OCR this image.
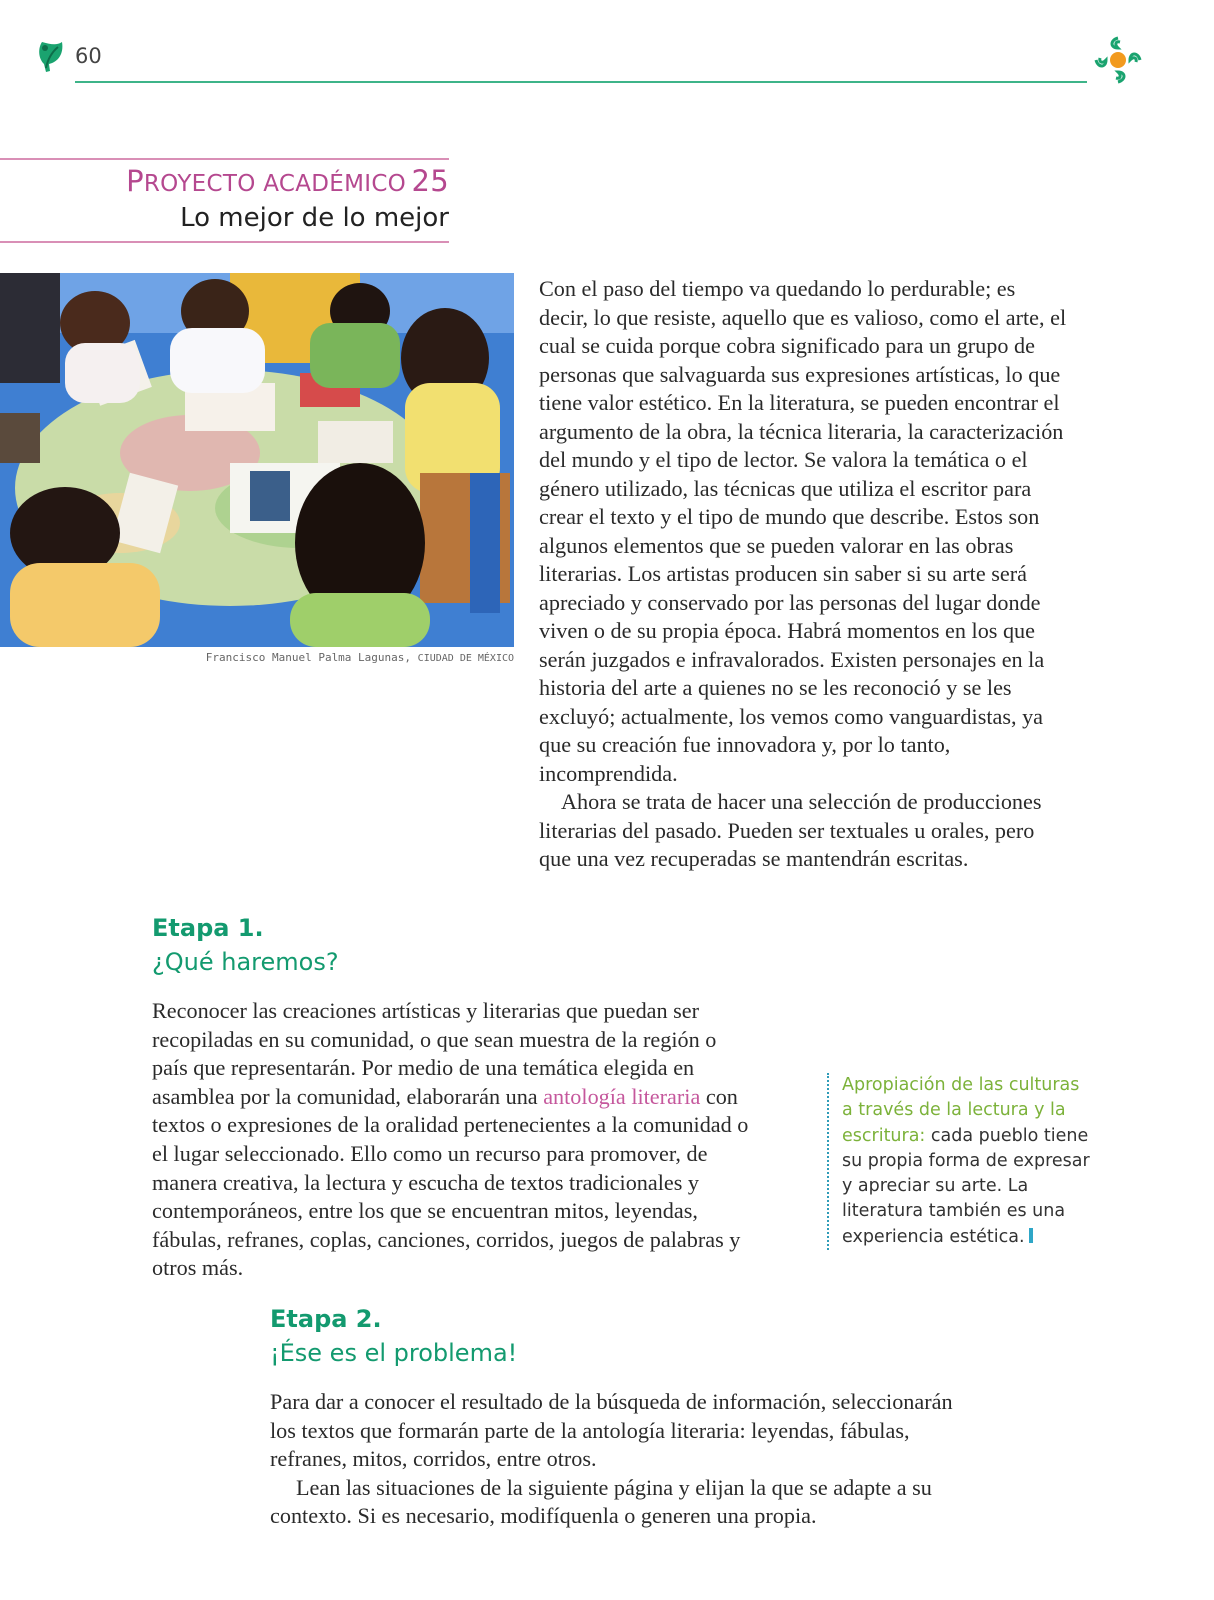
60
PROYECTO ACADÉMICO 25
Lo mejor de lo mejor
Francisco Manuel Palma Lagunas, CIUDAD DE MÉXICO

Con el paso del tiempo va quedando lo perdurable; es decir, lo que resiste, aquello que es valioso, como el arte, el cual se cuida porque cobra significado para un grupo de personas que salvaguarda sus expresiones artísticas, lo que tiene valor estético. En la literatura, se pueden encontrar el argumento de la obra, la técnica literaria, la caracterización del mundo y el tipo de lector. Se valora la temática o el género utilizado, las técnicas que utiliza el escritor para crear el texto y el tipo de mundo que describe. Estos son algunos elementos que se pueden valorar en las obras literarias. Los artistas producen sin saber si su arte será apreciado y conservado por las personas del lugar donde viven o de su propia época. Habrá momentos en los que serán juzgados e infravalorados. Existen personajes en la historia del arte a quienes no se les reconoció y se les excluyó; actualmente, los vemos como vanguardistas, ya que su creación fue innovadora y, por lo tanto, incomprendida.

Ahora se trata de hacer una selección de producciones literarias del pasado. Pueden ser textuales u orales, pero que una vez recuperadas se mantendrán escritas.

Etapa 1.
¿Qué haremos?
Reconocer las creaciones artísticas y literarias que puedan ser recopiladas en su comunidad, o que sean muestra de la región o país que representarán. Por medio de una temática elegida en asamblea por la comunidad, elaborarán una antología literaria con textos o expresiones de la oralidad pertenecientes a la comunidad o el lugar seleccionado. Ello como un recurso para promover, de manera creativa, la lectura y escucha de textos tradicionales y contemporáneos, entre los que se encuentran mitos, leyendas, fábulas, refranes, coplas, canciones, corridos, juegos de palabras y otros más.
Apropiación de las culturas a través de la lectura y la escritura: cada pueblo tiene su propia forma de expresar y apreciar su arte. La literatura también es una experiencia estética.
Etapa 2.
¡Ése es el problema!

Para dar a conocer el resultado de la búsqueda de información, seleccionarán los textos que formarán parte de la antología literaria: leyendas, fábulas, refranes, mitos, corridos, entre otros.

Lean las situaciones de la siguiente página y elijan la que se adapte a su contexto. Si es necesario, modifíquenla o generen una propia.
